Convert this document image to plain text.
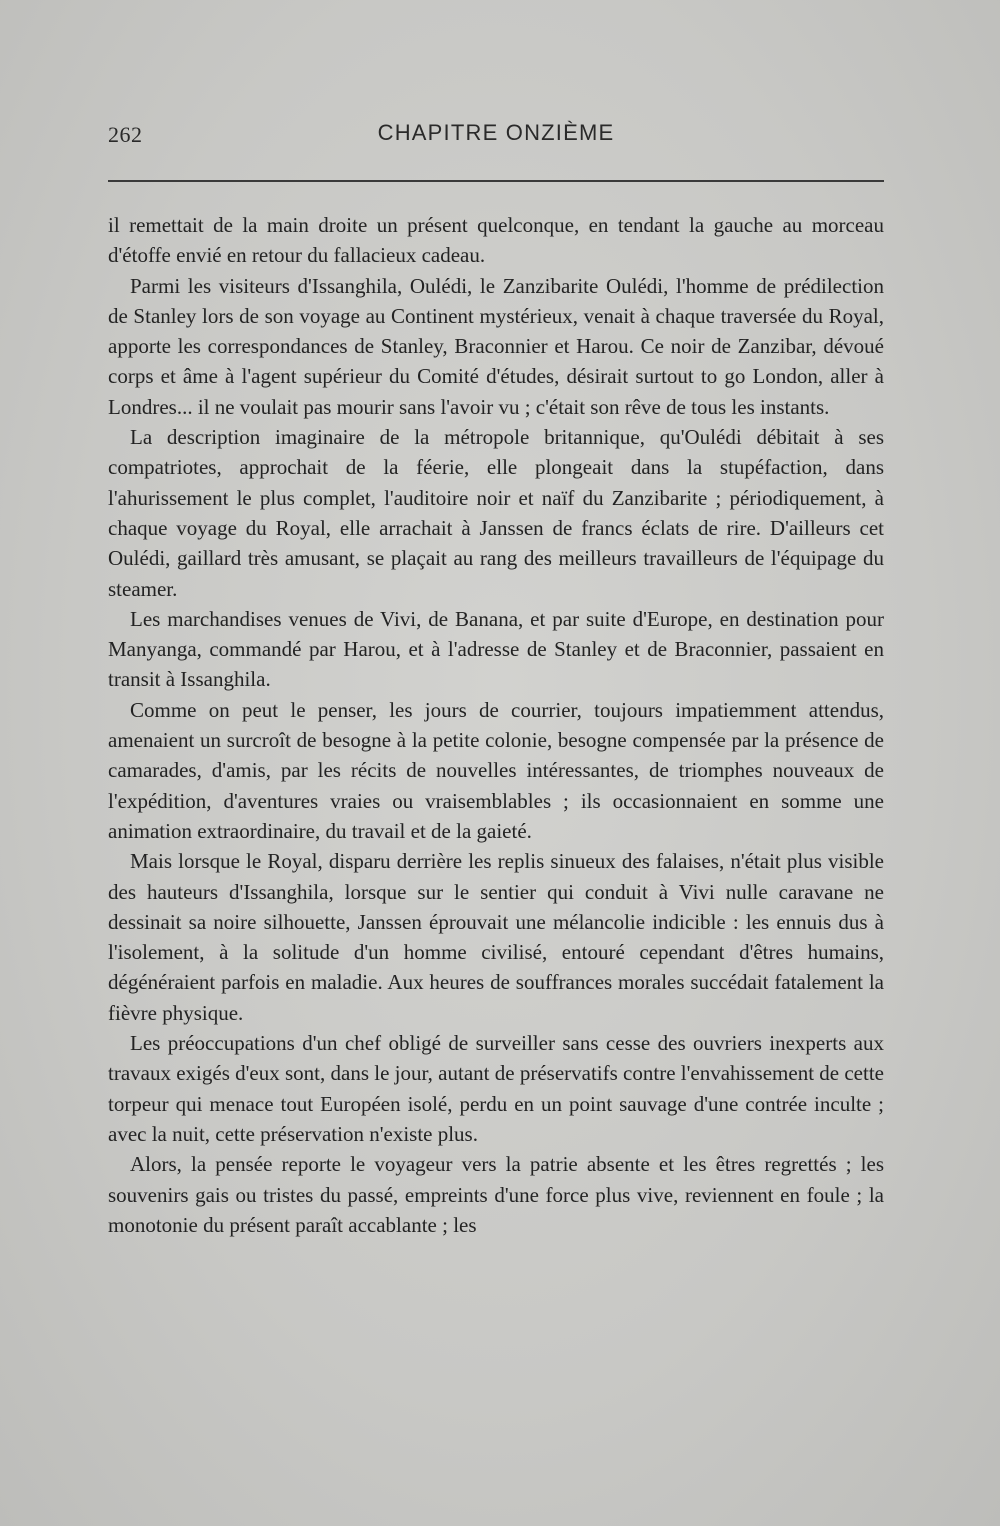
262	CHAPITRE ONZIÈME

il remettait de la main droite un présent quelconque, en tendant la gauche au morceau d'étoffe envié en retour du fallacieux cadeau.

Parmi les visiteurs d'Issanghila, Oulédi, le Zanzibarite Oulédi, l'homme de prédilection de Stanley lors de son voyage au Continent mystérieux, venait à chaque traversée du Royal, apporte les correspondances de Stanley, Braconnier et Harou. Ce noir de Zanzibar, dévoué corps et âme à l'agent supérieur du Comité d'études, désirait surtout to go London, aller à Londres... il ne voulait pas mourir sans l'avoir vu ; c'était son rêve de tous les instants.

La description imaginaire de la métropole britannique, qu'Oulédi débitait à ses compatriotes, approchait de la féerie, elle plongeait dans la stupéfaction, dans l'ahurissement le plus complet, l'auditoire noir et naïf du Zanzibarite ; périodiquement, à chaque voyage du Royal, elle arrachait à Janssen de francs éclats de rire. D'ailleurs cet Oulédi, gaillard très amusant, se plaçait au rang des meilleurs travailleurs de l'équipage du steamer.

Les marchandises venues de Vivi, de Banana, et par suite d'Europe, en destination pour Manyanga, commandé par Harou, et à l'adresse de Stanley et de Braconnier, passaient en transit à Issanghila.

Comme on peut le penser, les jours de courrier, toujours impatiemment attendus, amenaient un surcroît de besogne à la petite colonie, besogne compensée par la présence de camarades, d'amis, par les récits de nouvelles intéressantes, de triomphes nouveaux de l'expédition, d'aventures vraies ou vraisemblables ; ils occasionnaient en somme une animation extraordinaire, du travail et de la gaieté.

Mais lorsque le Royal, disparu derrière les replis sinueux des falaises, n'était plus visible des hauteurs d'Issanghila, lorsque sur le sentier qui conduit à Vivi nulle caravane ne dessinait sa noire silhouette, Janssen éprouvait une mélancolie indicible : les ennuis dus à l'isolement, à la solitude d'un homme civilisé, entouré cependant d'êtres humains, dégénéraient parfois en maladie. Aux heures de souffrances morales succédait fatalement la fièvre physique.

Les préoccupations d'un chef obligé de surveiller sans cesse des ouvriers inexperts aux travaux exigés d'eux sont, dans le jour, autant de préservatifs contre l'envahissement de cette torpeur qui menace tout Européen isolé, perdu en un point sauvage d'une contrée inculte ; avec la nuit, cette préservation n'existe plus.

Alors, la pensée reporte le voyageur vers la patrie absente et les êtres regrettés ; les souvenirs gais ou tristes du passé, empreints d'une force plus vive, reviennent en foule ; la monotonie du présent paraît accablante ; les
